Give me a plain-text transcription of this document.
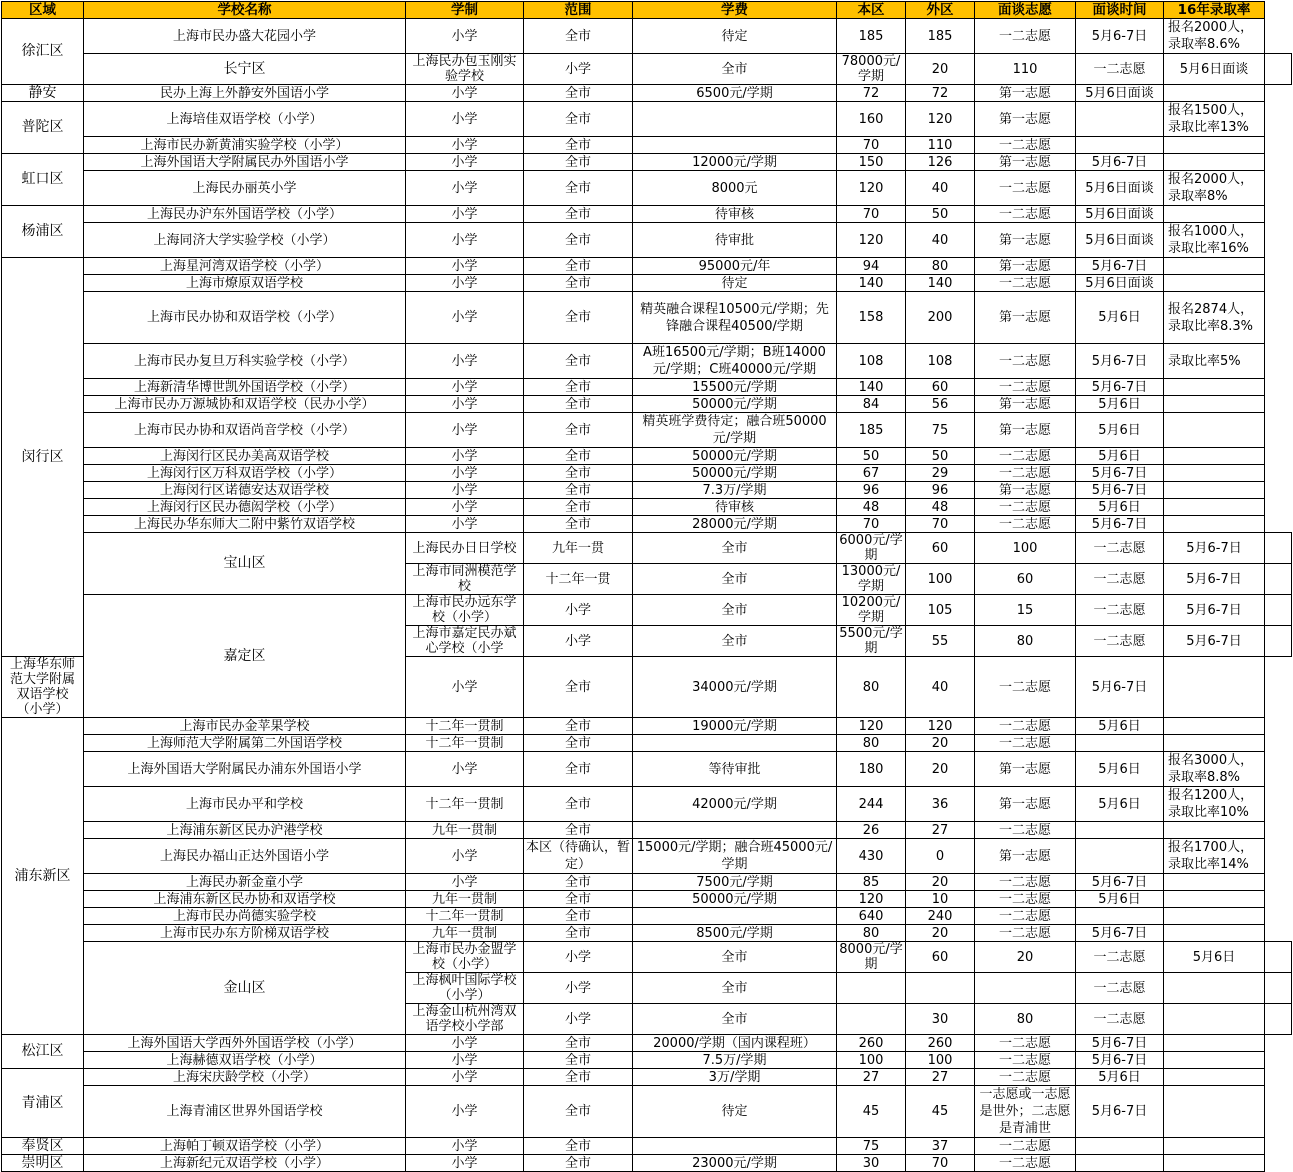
区域	学校名称	学制	范围	学费	本区	外区	面谈志愿	面谈时间	16年录取率	
徐汇区	上海市民办盛大花园小学	小学	全市	待定	185	185	一二志愿	5月6-7日	报名2000人，录取率8.6%	
	长宁区	上海民办包玉刚实验学校	小学	全市	78000元/学期	20	110	一二志愿	5月6日面谈	
静安	民办上海上外静安外国语小学	小学	全市	6500元/学期	72	72	第一志愿	5月6日面谈		
普陀区	上海培佳双语学校（小学）	小学	全市		160	120	第一志愿		报名1500人，录取比率13%	
	上海市民办新黄浦实验学校（小学）	小学	全市		70	110	一二志愿			
虹口区	上海外国语大学附属民办外国语小学	小学	全市	12000元/学期	150	126	第一志愿	5月6-7日		
	上海民办丽英小学	小学	全市	8000元	120	40	一二志愿	5月6日面谈	报名2000人，录取率8%	
杨浦区	上海民办沪东外国语学校（小学）	小学	全市	待审核	70	50	一二志愿	5月6日面谈		
	上海同济大学实验学校（小学）	小学	全市	待审批	120	40	第一志愿	5月6日面谈	报名1000人，录取比率16%	
闵行区	上海星河湾双语学校（小学）	小学	全市	95000元/年	94	80	第一志愿	5月6-7日		
	上海市燎原双语学校	小学	全市	待定	140	140	一二志愿	5月6日面谈		
	上海市民办协和双语学校（小学）	小学	全市	精英融合课程10500元/学期；先锋融合课程40500/学期	158	200	第一志愿	5月6日	报名2874人，录取比率8.3%	
	上海市民办复旦万科实验学校（小学）	小学	全市	A班16500元/学期；B班14000元/学期；C班40000元/学期	108	108	一二志愿	5月6-7日	录取比率5%	
	上海新清华博世凯外国语学校（小学）	小学	全市	15500元/学期	140	60	一二志愿	5月6-7日		
	上海市民办万源城协和双语学校（民办小学）	小学	全市	50000元/学期	84	56	第一志愿	5月6日		
	上海市民办协和双语尚音学校（小学）	小学	全市	精英班学费待定；融合班50000元/学期	185	75	第一志愿	5月6日		
	上海闵行区民办美高双语学校	小学	全市	50000元/学期	50	50	一二志愿	5月6日		
	上海闵行区万科双语学校（小学）	小学	全市	50000元/学期	67	29	一二志愿	5月6-7日		
	上海闵行区诺德安达双语学校	小学	全市	7.3万/学期	96	96	第一志愿	5月6-7日		
	上海闵行区民办德闳学校（小学）	小学	全市	待审核	48	48	一二志愿	5月6日		
	上海民办华东师大二附中紫竹双语学校	小学	全市	28000元/学期	70	70	一二志愿	5月6-7日		
	宝山区	上海民办日日学校	九年一贯	全市	6000元/学期	60	100	一二志愿	5月6-7日	
		上海市同洲模范学校	十二年一贯	全市	13000元/学期	100	60	一二志愿	5月6-7日	
	嘉定区	上海市民办远东学校（小学）	小学	全市	10200元/学期	105	15	一二志愿	5月6-7日	
		上海市嘉定民办斌心学校（小学	小学	全市	5500元/学期	55	80	一二志愿	5月6-7日	
上海华东师范大学附属双语学校（小学）		小学	全市	34000元/学期	80	40	一二志愿	5月6-7日		
浦东新区	上海市民办金苹果学校	十二年一贯制	全市	19000元/学期	120	120	一二志愿	5月6日		
	上海师范大学附属第二外国语学校	十二年一贯制	全市		80	20	一二志愿			
	上海外国语大学附属民办浦东外国语小学	小学	全市	等待审批	180	20	第一志愿	5月6日	报名3000人，录取率8.8%	
	上海市民办平和学校	十二年一贯制	全市	42000元/学期	244	36	第一志愿	5月6日	报名1200人，录取比率10%	
	上海浦东新区民办沪港学校	九年一贯制	全市		26	27	一二志愿			
	上海民办福山正达外国语小学	小学	本区（待确认，暂定）	15000元/学期；融合班45000元/学期	430	0	第一志愿		报名1700人，录取比率14%	
	上海民办新金童小学	小学	全市	7500元/学期	85	20	一二志愿	5月6-7日		
	上海浦东新区民办协和双语学校	九年一贯制	全市	50000元/学期	120	10	一二志愿	5月6日		
	上海市民办尚德实验学校	十二年一贯制	全市		640	240	一二志愿			
	上海市民办东方阶梯双语学校	九年一贯制	全市	8500元/学期	80	20	一二志愿	5月6-7日		
	金山区	上海市民办金盟学校（小学）	小学	全市	8000元/学期	60	20	一二志愿	5月6日	
		上海枫叶国际学校（小学）	小学	全市				一二志愿		
		上海金山杭州湾双语学校小学部	小学	全市		30	80	一二志愿		
松江区	上海外国语大学西外外国语学校（小学）	小学	全市	20000/学期（国内课程班）	260	260	一二志愿	5月6-7日		
	上海赫德双语学校（小学）	小学	全市	7.5万/学期	100	100	一二志愿	5月6-7日		
青浦区	上海宋庆龄学校（小学）	小学	全市	3万/学期	27	27	一二志愿	5月6日		
	上海青浦区世界外国语学校	小学	全市	待定	45	45	一志愿或一志愿是世外；二志愿是青浦世	5月6-7日		
奉贤区	上海帕丁顿双语学校（小学）	小学	全市		75	37	一二志愿			
崇明区	上海新纪元双语学校（小学）	小学	全市	23000元/学期	30	70	一二志愿			
